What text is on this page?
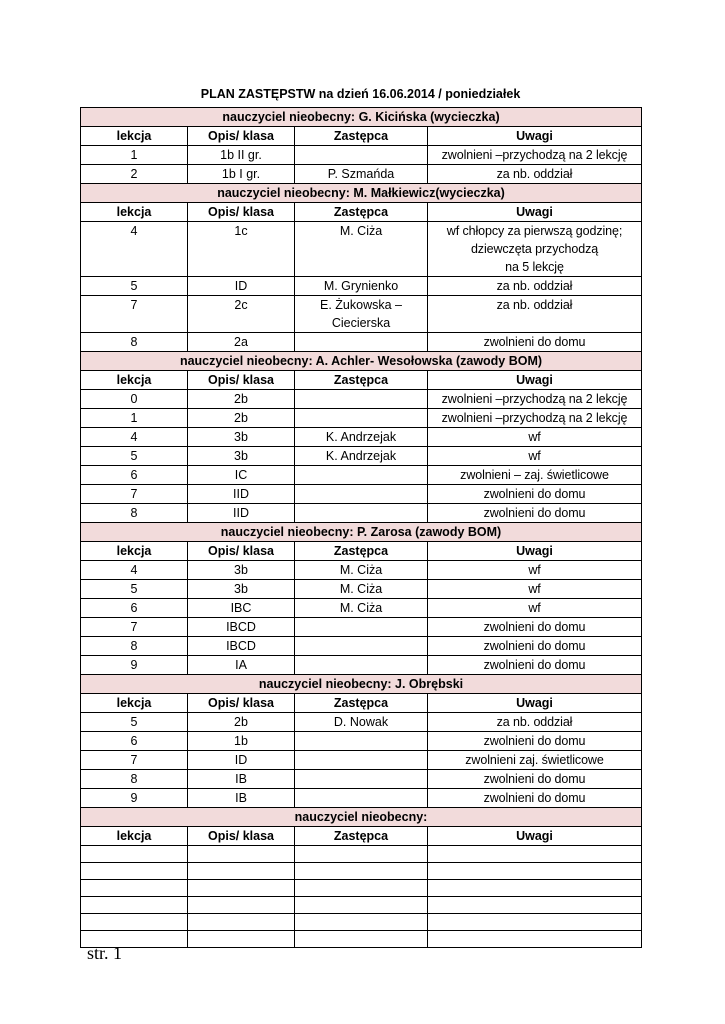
PLAN ZASTĘPSTW na dzień 16.06.2014 / poniedziałek
nauczyciel nieobecny: G. Kicińska (wycieczka)			
lekcja	Opis/ klasa	Zastępca	Uwagi
1	1b II gr.		zwolnieni –przychodzą na 2 lekcję
2	1b I gr.	P. Szmańda	za nb. oddział
nauczyciel nieobecny: M. Małkiewicz(wycieczka)			
lekcja	Opis/ klasa	Zastępca	Uwagi
4	1c	M. Ciża	wf chłopcy za pierwszą godzinę;
dziewczęta przychodzą
na 5 lekcję
5	ID	M. Grynienko	za nb. oddział
7	2c	E. Żukowska –
Ciecierska	za nb. oddział
8	2a		zwolnieni do domu
nauczyciel nieobecny: A. Achler- Wesołowska (zawody BOM)			
lekcja	Opis/ klasa	Zastępca	Uwagi
0	2b		zwolnieni –przychodzą na 2 lekcję
1	2b		zwolnieni –przychodzą na 2 lekcję
4	3b	K. Andrzejak	wf
5	3b	K. Andrzejak	wf
6	IC		zwolnieni – zaj. świetlicowe
7	IID		zwolnieni do domu
8	IID		zwolnieni do domu
nauczyciel nieobecny: P. Zarosa (zawody BOM)			
lekcja	Opis/ klasa	Zastępca	Uwagi
4	3b	M. Ciża	wf
5	3b	M. Ciża	wf
6	IBC	M. Ciża	wf
7	IBCD		zwolnieni do domu
8	IBCD		zwolnieni do domu
9	IA		zwolnieni do domu
nauczyciel nieobecny: J. Obrębski			
lekcja	Opis/ klasa	Zastępca	Uwagi
5	2b	D. Nowak	za nb. oddział
6	1b		zwolnieni do domu
7	ID		zwolnieni zaj. świetlicowe
8	IB		zwolnieni do domu
9	IB		zwolnieni do domu
nauczyciel nieobecny:			
lekcja	Opis/ klasa	Zastępca	Uwagi

str. 1
